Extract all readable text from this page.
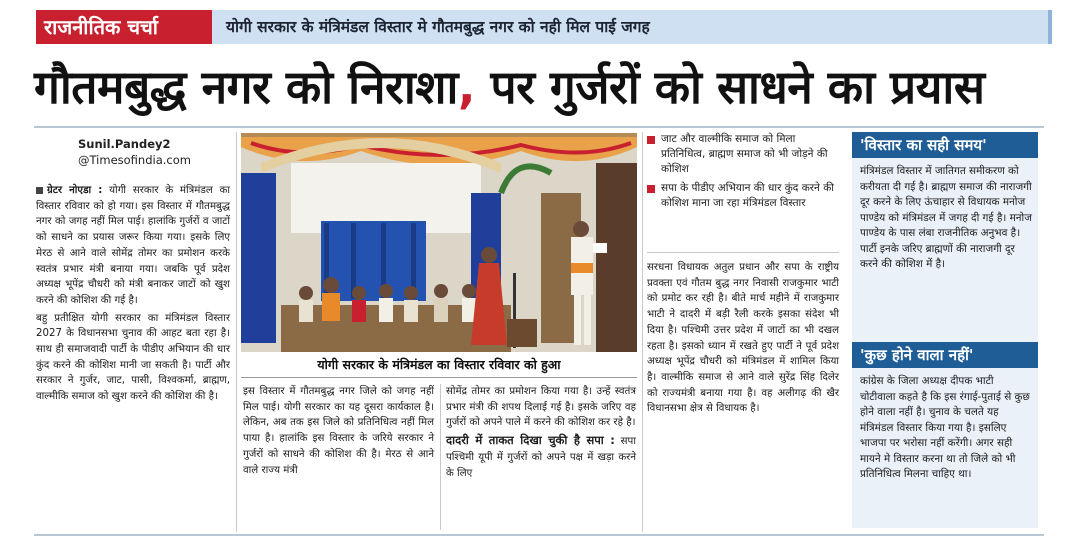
राजनीतिक चर्चा	योगी सरकार के मंत्रिमंडल विस्तार मे गौतमबुद्ध नगर को नही मिल पाई जगह
गौतमबुद्ध नगर को निराशा, पर गुर्जरों को साधने का प्रयास
Sunil.Pandey2
@Timesofindia.com

ग्रेटर नोएडा : योगी सरकार के मंत्रिमंडल का विस्तार रविवार को हो गया। इस विस्तार में गौतमबुद्ध नगर को जगह नहीं मिल पाई। हालांकि गुर्जरों व जाटों को साधने का प्रयास जरूर किया गया। इसके लिए मेरठ से आने वाले सोमेंद्र तोमर का प्रमोशन करके स्वतंत्र प्रभार मंत्री बनाया गया। जबकि पूर्व प्रदेश अध्यक्ष भूपेंद्र चौधरी को मंत्री बनाकर जाटों को खुश करने की कोशिश की गई है।

बहु प्रतीक्षित योगी सरकार का मंत्रिमंडल विस्तार 2027 के विधानसभा चुनाव की आहट बता रहा है। साथ ही समाजवादी पार्टी के पीडीए अभियान की धार कुंद करने की कोशिश मानी जा सकती है। पार्टी और सरकार ने गुर्जर, जाट, पासी, विश्वकर्मा, ब्राह्मण, वाल्मीकि समाज को खुश करने की कोशिश की है।

योगी सरकार के मंत्रिमंडल का विस्तार रविवार को हुआ

इस विस्तार में गौतमबुद्ध नगर जिले को जगह नहीं मिल पाई। योगी सरकार का यह दूसरा कार्यकाल है। लेकिन, अब तक इस जिले को प्रतिनिधित्व नहीं मिल पाया है। हालांकि इस विस्तार के जरिये सरकार ने गुर्जरों को साधने की कोशिश की है। मेरठ से आने वाले राज्य मंत्री

सोमेंद्र तोमर का प्रमोशन किया गया है। उन्हें स्वतंत्र प्रभार मंत्री की शपथ दिलाई गई है। इसके जरिए वह गुर्जरों को अपने पाले में करने की कोशिश कर रहे है।

दादरी में ताकत दिखा चुकी है सपा : सपा पश्चिमी यूपी में गुर्जरों को अपने पक्ष में खड़ा करने के लिए

जाट और वाल्मीकि समाज को मिला प्रतिनिधित्व, ब्राह्मण समाज को भी जोड़ने की कोशिश
सपा के पीडीए अभियान की धार कुंद करने की कोशिश माना जा रहा मंत्रिमंडल विस्तार

सरधना विधायक अतुल प्रधान और सपा के राष्ट्रीय प्रवक्ता एवं गौतम बुद्ध नगर निवासी राजकुमार भाटी को प्रमोट कर रही है। बीते मार्च महीने में राजकुमार भाटी ने दादरी में बड़ी रैली करके इसका संदेश भी दिया है। पश्चिमी उत्तर प्रदेश में जाटों का भी दखल रहता है। इसको ध्यान में रखते हुए पार्टी ने पूर्व प्रदेश अध्यक्ष भूपेंद्र चौधरी को मंत्रिमंडल में शामिल किया है। वाल्मीकि समाज से आने वाले सुरेंद्र सिंह दिलेर को राज्यमंत्री बनाया गया है। वह अलीगढ़ की खैर विधानसभा क्षेत्र से विधायक है।

'विस्तार का सही समय'
मंत्रिमंडल विस्तार में जातिगत समीकरण को करीयता दी गई है। ब्राह्मण समाज की नाराजगी दूर करने के लिए ऊंचाहार से विधायक मनोज पाण्डेय को मंत्रिमंडल में जगह दी गई है। मनोज पाण्डेय के पास लंबा राजनीतिक अनुभव है। पार्टी इनके जरिए ब्राह्मणों की नाराजगी दूर करने की कोशिश में है।
'कुछ होने वाला नहीं'
कांग्रेस के जिला अध्यक्ष दीपक भाटी चोटीवाला कहते है कि इस रंगाई-पुताई से कुछ होने वाला नहीं है। चुनाव के चलते यह मंत्रिमंडल विस्तार किया गया है। इसलिए भाजपा पर भरोसा नहीं करेंगी। अगर सही मायने मे विस्तार करना था तो जिले को भी प्रतिनिधित्व मिलना चाहिए था।
